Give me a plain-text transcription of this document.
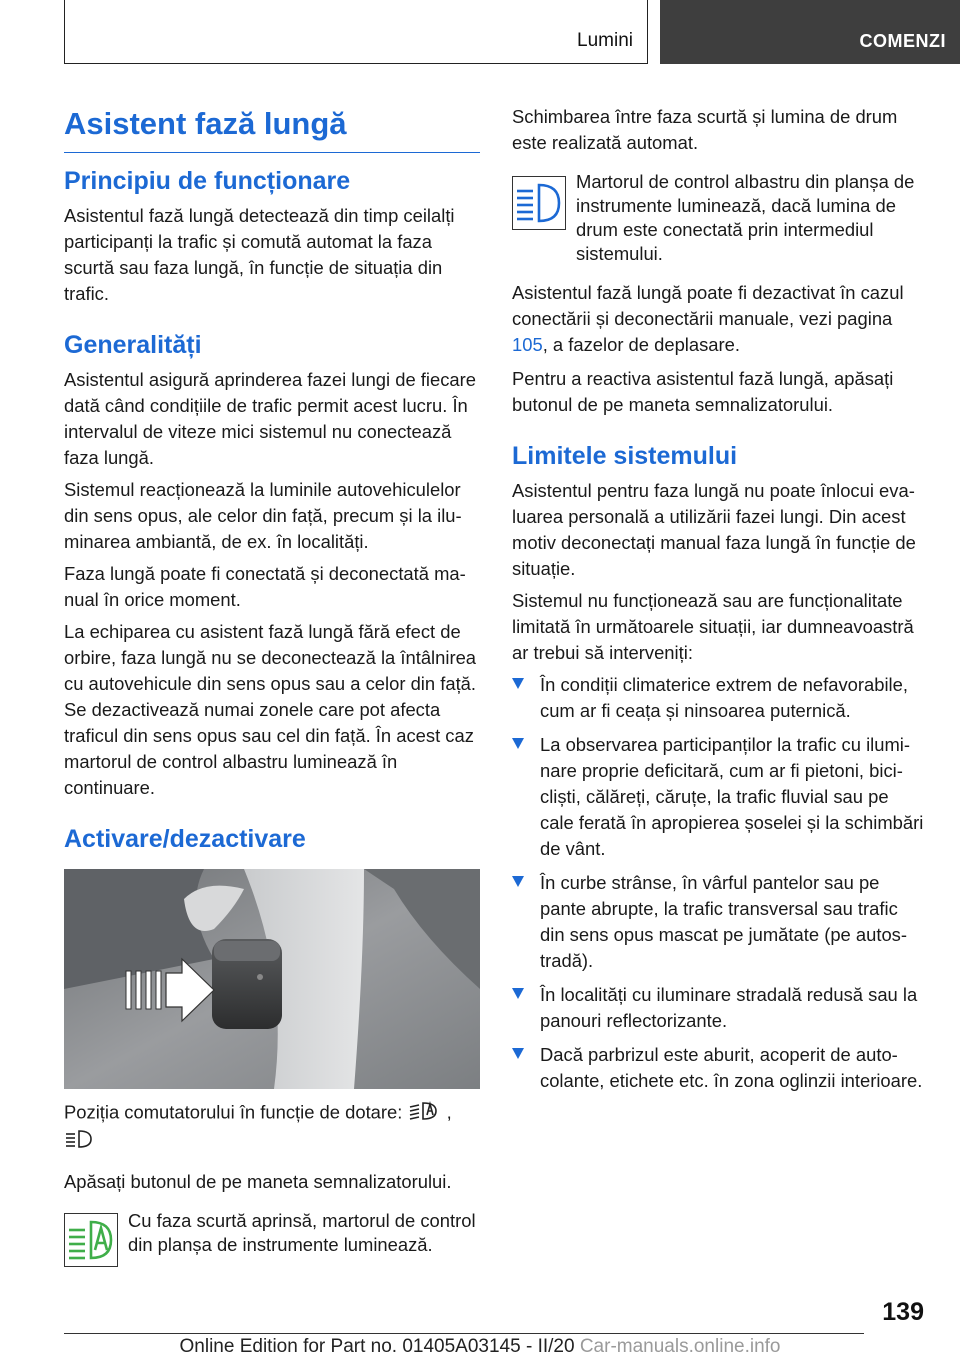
Lumini	COMENZI
Asistent fază lungă
Principiu de funcționare

Asistentul fază lungă detectează din timp ceilalți participanți la trafic și comută automat la faza scurtă sau faza lungă, în funcție de situația din trafic.

Generalități

Asistentul asigură aprinderea fazei lungi de fiecare dată când condițiile de trafic permit acest lucru. În intervalul de viteze mici sistemul nu conectează faza lungă.

Sistemul reacționează la luminile autovehiculelor din sens opus, ale celor din față, precum și la iluminarea ambiantă, de ex. în localități.

Faza lungă poate fi conectată și deconectată manual în orice moment.

La echiparea cu asistent fază lungă fără efect de orbire, faza lungă nu se deconectează la întâlnirea cu autovehicule din sens opus sau a celor din față. Se dezactivează numai zonele care pot afecta traficul din sens opus sau cel din față. În acest caz martorul de control albastru luminează în continuare.

Activare/dezactivare

Poziția comutatorului în funcție de dotare: ,

Apăsați butonul de pe maneta semnalizatorului.

Cu faza scurtă aprinsă, martorul de control din planșa de instrumente luminează.

Schimbarea între faza scurtă și lumina de drum este realizată automat.

Martorul de control albastru din planșa de instrumente luminează, dacă lumina de drum este conectată prin intermediul sistemului.

Asistentul fază lungă poate fi dezactivat în cazul conectării și deconectării manuale, vezi pagina 105, a fazelor de deplasare.

Pentru a reactiva asistentul fază lungă, apăsați butonul de pe maneta semnalizatorului.

Limitele sistemului

Asistentul pentru faza lungă nu poate înlocui evaluarea personală a utilizării fazei lungi. Din acest motiv deconectați manual faza lungă în funcție de situație.

Sistemul nu funcționează sau are funcționalitate limitată în următoarele situații, iar dumneavoastră ar trebui să interveniți:

În condiții climaterice extrem de nefavorabile, cum ar fi ceața și ninsoarea puternică.
La observarea participanților la trafic cu iluminare proprie deficitară, cum ar fi pietoni, bicicliști, călăreți, căruțe, la trafic fluvial sau pe cale ferată în apropierea șoselei și la schimbări de vânt.
În curbe strânse, în vârful pantelor sau pe pante abrupte, la trafic transversal sau trafic din sens opus mascat pe jumătate (pe autostradă).
În localități cu iluminare stradală redusă sau la panouri reflectorizante.
Dacă parbrizul este aburit, acoperit de autocolante, etichete etc. în zona oglinzii interioare.
139
Online Edition for Part no. 01405A03145 - II/20 Car-manuals.online.info
